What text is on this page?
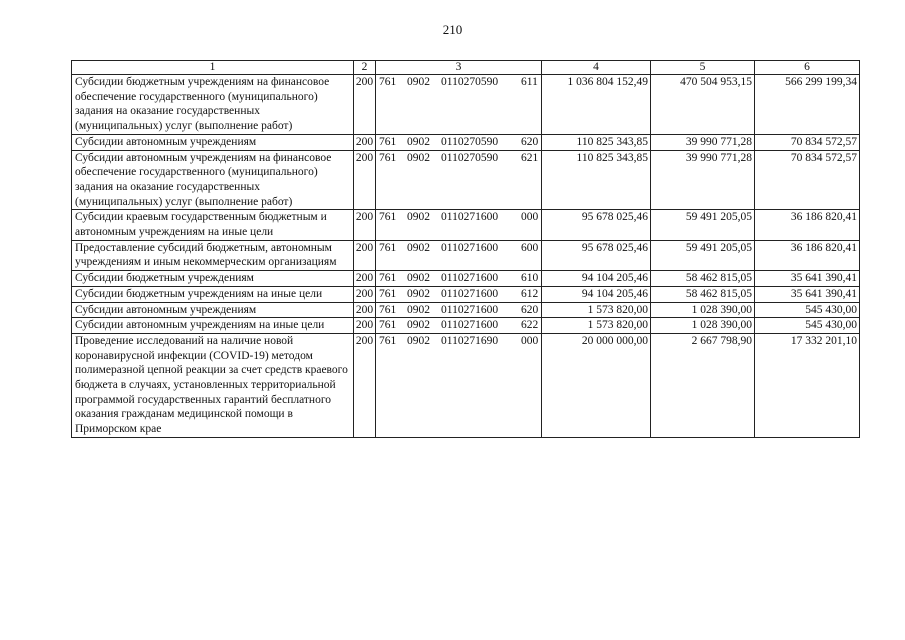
210
1	2	3	4	5	6
Субсидии бюджетным учреждениям на финансовое обеспечение государственного (муниципального) задания на оказание государственных (муниципальных) услуг (выполнение работ)	200	761 0902 0110270590 611	1 036 804 152,49	470 504 953,15	566 299 199,34
Субсидии автономным учреждениям	200	761 0902 0110270590 620	110 825 343,85	39 990 771,28	70 834 572,57
Субсидии автономным учреждениям на финансовое обеспечение государственного (муниципального) задания на оказание государственных (муниципальных) услуг (выполнение работ)	200	761 0902 0110270590 621	110 825 343,85	39 990 771,28	70 834 572,57
Субсидии краевым государственным бюджетным и автономным учреждениям на иные цели	200	761 0902 0110271600 000	95 678 025,46	59 491 205,05	36 186 820,41
Предоставление субсидий бюджетным, автономным учреждениям и иным некоммерческим организациям	200	761 0902 0110271600 600	95 678 025,46	59 491 205,05	36 186 820,41
Субсидии бюджетным учреждениям	200	761 0902 0110271600 610	94 104 205,46	58 462 815,05	35 641 390,41
Субсидии бюджетным учреждениям на иные цели	200	761 0902 0110271600 612	94 104 205,46	58 462 815,05	35 641 390,41
Субсидии автономным учреждениям	200	761 0902 0110271600 620	1 573 820,00	1 028 390,00	545 430,00
Субсидии автономным учреждениям на иные цели	200	761 0902 0110271600 622	1 573 820,00	1 028 390,00	545 430,00
Проведение исследований на наличие новой коронавирусной инфекции (COVID-19) методом полимеразной цепной реакции за счет средств краевого бюджета в случаях, установленных территориальной программой государственных гарантий бесплатного оказания гражданам медицинской помощи в Приморском крае	200	761 0902 0110271690 000	20 000 000,00	2 667 798,90	17 332 201,10
